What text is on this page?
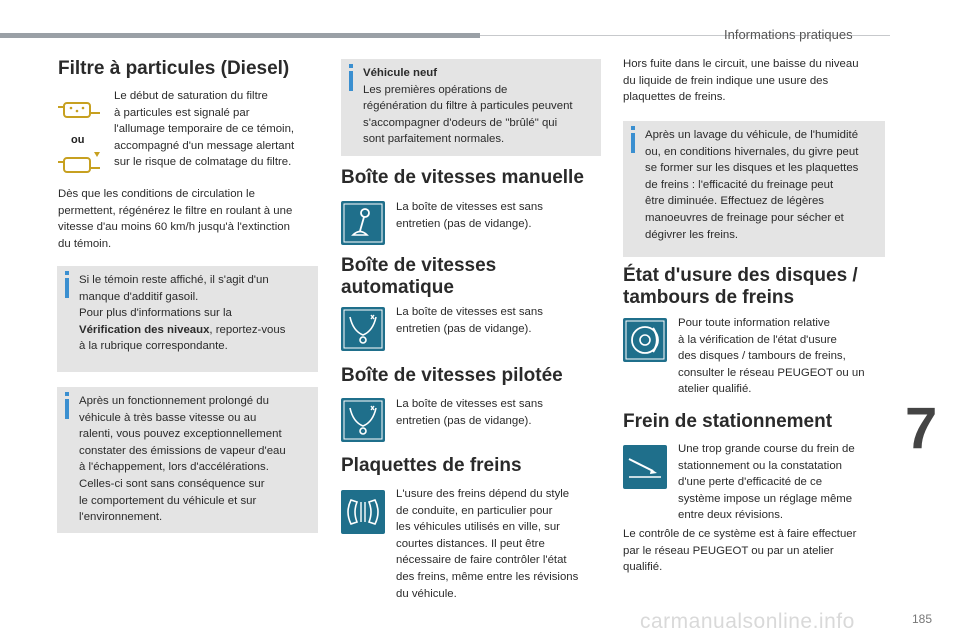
Informations pratiques
7
185
carmanualsonline.info
Filtre à particules (Diesel)
ou
Le début de saturation du filtre
à particules est signalé par
l'allumage temporaire de ce témoin,
accompagné d'un message alertant
sur le risque de colmatage du filtre.
Dès que les conditions de circulation le
permettent, régénérez le filtre en roulant à une
vitesse d'au moins 60 km/h jusqu'à l'extinction
du témoin.
Si le témoin reste affiché, il s'agit d'un
manque d'additif gasoil.
Pour plus d'informations sur la
Vérification des niveaux, reportez-vous
à la rubrique correspondante.
Après un fonctionnement prolongé du
véhicule à très basse vitesse ou au
ralenti, vous pouvez exceptionnellement
constater des émissions de vapeur d'eau
à l'échappement, lors d'accélérations.
Celles-ci sont sans conséquence sur
le comportement du véhicule et sur
l'environnement.
Véhicule neuf
Les premières opérations de
régénération du filtre à particules peuvent
s'accompagner d'odeurs de "brûlé" qui
sont parfaitement normales.
Boîte de vitesses manuelle
La boîte de vitesses est sans
entretien (pas de vidange).
Boîte de vitesses
automatique
La boîte de vitesses est sans
entretien (pas de vidange).
Boîte de vitesses pilotée
La boîte de vitesses est sans
entretien (pas de vidange).
Plaquettes de freins
L'usure des freins dépend du style
de conduite, en particulier pour
les véhicules utilisés en ville, sur
courtes distances. Il peut être
nécessaire de faire contrôler l'état
des freins, même entre les révisions
du véhicule.
Hors fuite dans le circuit, une baisse du niveau
du liquide de frein indique une usure des
plaquettes de freins.
Après un lavage du véhicule, de l'humidité
ou, en conditions hivernales, du givre peut
se former sur les disques et les plaquettes
de freins : l'efficacité du freinage peut
être diminuée. Effectuez de légères
manoeuvres de freinage pour sécher et
dégivrer les freins.
État d'usure des disques /
tambours de freins
Pour toute information relative
à la vérification de l'état d'usure
des disques / tambours de freins,
consulter le réseau PEUGEOT ou un
atelier qualifié.
Frein de stationnement
Une trop grande course du frein de
stationnement ou la constatation
d'une perte d'efficacité de ce
système impose un réglage même
entre deux révisions.
Le contrôle de ce système est à faire effectuer
par le réseau PEUGEOT ou par un atelier
qualifié.
